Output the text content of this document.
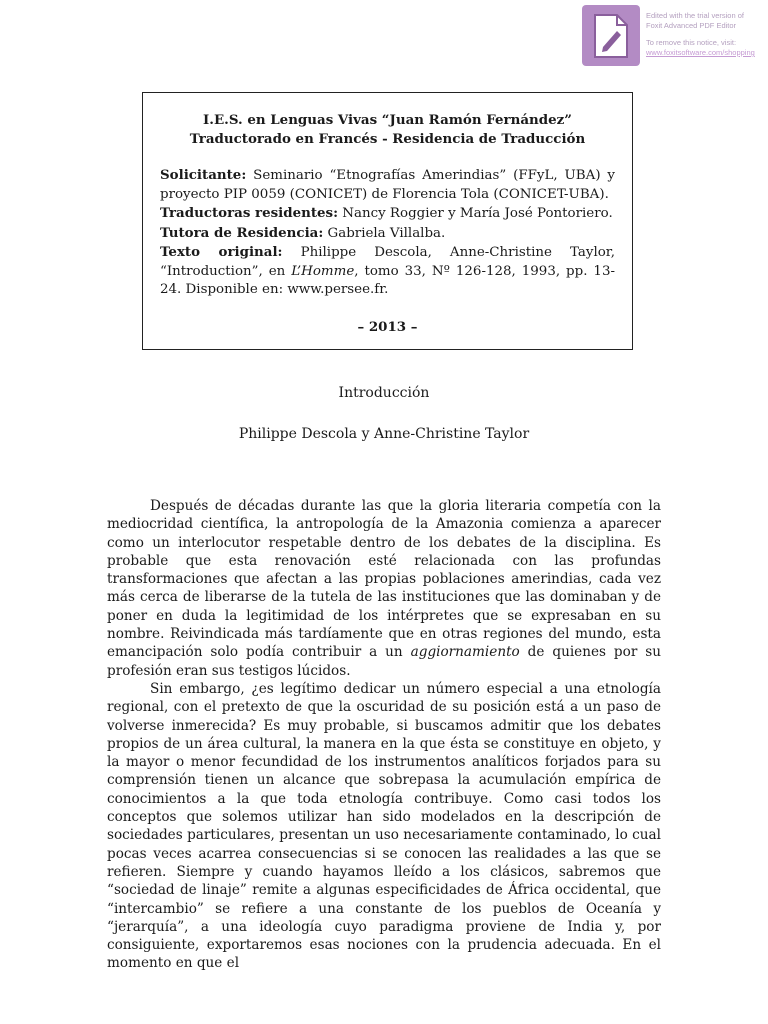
Edited with the trial version of

Foxit Advanced PDF Editor

To remove this notice, visit:

www.foxitsoftware.com/shopping

I.E.S. en Lenguas Vivas “Juan Ramón Fernández”
Traductorado en Francés - Residencia de Traducción

Solicitante: Seminario “Etnografías Amerindias” (FFyL, UBA) y proyecto PIP 0059 (CONICET) de Florencia Tola (CONICET-UBA).

Traductoras residentes: Nancy Roggier y María José Pontoriero.

Tutora de Residencia: Gabriela Villalba.

Texto original: Philippe Descola, Anne-Christine Taylor, “Introduction”, en L’Homme, tomo 33, Nº 126-128, 1993, pp. 13-24. Disponible en: www.persee.fr.

– 2013 –
Introducción
Philippe Descola y Anne-Christine Taylor

Después de décadas durante las que la gloria literaria competía con la mediocridad científica, la antropología de la Amazonia comienza a aparecer como un interlocutor respetable dentro de los debates de la disciplina. Es probable que esta renovación esté relacionada con las profundas transformaciones que afectan a las propias poblaciones amerindias, cada vez más cerca de liberarse de la tutela de las instituciones que las dominaban y de poner en duda la legitimidad de los intérpretes que se expresaban en su nombre. Reivindicada más tardíamente que en otras regiones del mundo, esta emancipación solo podía contribuir a un aggiornamiento de quienes por su profesión eran sus testigos lúcidos.

Sin embargo, ¿es legítimo dedicar un número especial a una etnología regional, con el pretexto de que la oscuridad de su posición está a un paso de volverse inmerecida? Es muy probable, si buscamos admitir que los debates propios de un área cultural, la manera en la que ésta se constituye en objeto, y la mayor o menor fecundidad de los instrumentos analíticos forjados para su comprensión tienen un alcance que sobrepasa la acumulación empírica de conocimientos a la que toda etnología contribuye. Como casi todos los conceptos que solemos utilizar han sido modelados en la descripción de sociedades particulares, presentan un uso necesariamente contaminado, lo cual pocas veces acarrea consecuencias si se conocen las realidades a las que se refieren. Siempre y cuando hayamos lleído a los clásicos, sabremos que “sociedad de linaje” remite a algunas especificidades de África occidental, que “intercambio” se refiere a una constante de los pueblos de Oceanía y “jerarquía”, a una ideología cuyo paradigma proviene de India y, por consiguiente, exportaremos esas nociones con la prudencia adecuada. En el momento en que el
